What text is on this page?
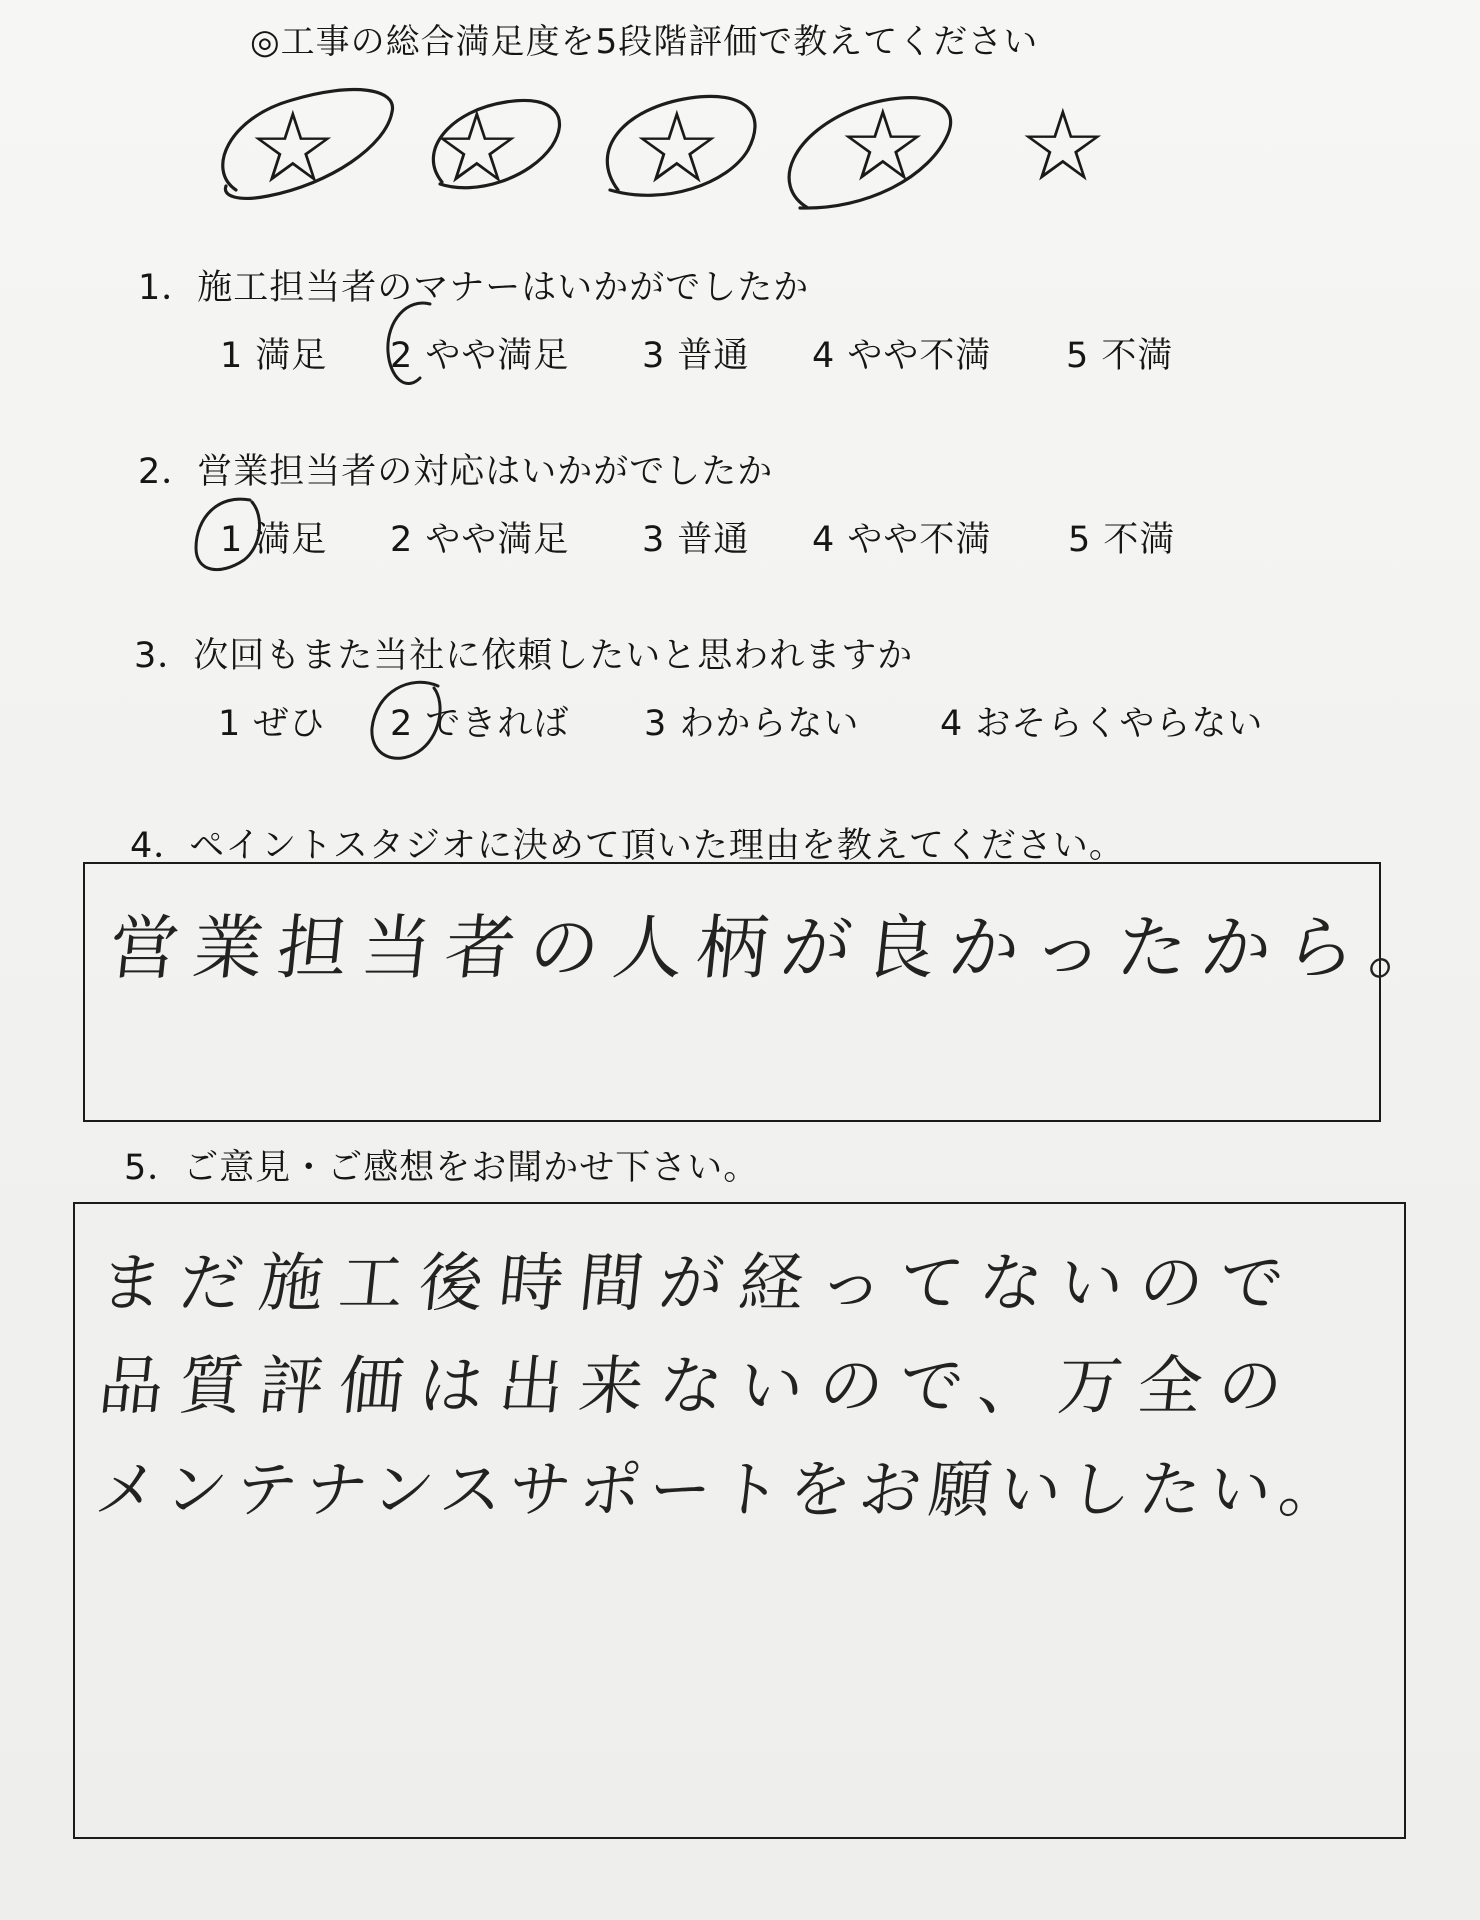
◎工事の総合満足度を5段階評価で教えてください
☆ ☆ ☆ ☆ ☆
1．施工担当者のマナーはいかがでしたか
1 満足 2 やや満足 3 普通 4 やや不満 5 不満
2．営業担当者の対応はいかがでしたか
1 満足 2 やや満足 3 普通 4 やや不満 5 不満
3．次回もまた当社に依頼したいと思われますか
1 ぜひ 2 できれば 3 わからない 4 おそらくやらない
4．ペイントスタジオに決めて頂いた理由を教えてください。
営業担当者の人柄が良かったから。
5．ご意見・ご感想をお聞かせ下さい。
まだ施工後時間が経ってないので
品質評価は出来ないので、万全の
メンテナンスサポートをお願いしたい。
